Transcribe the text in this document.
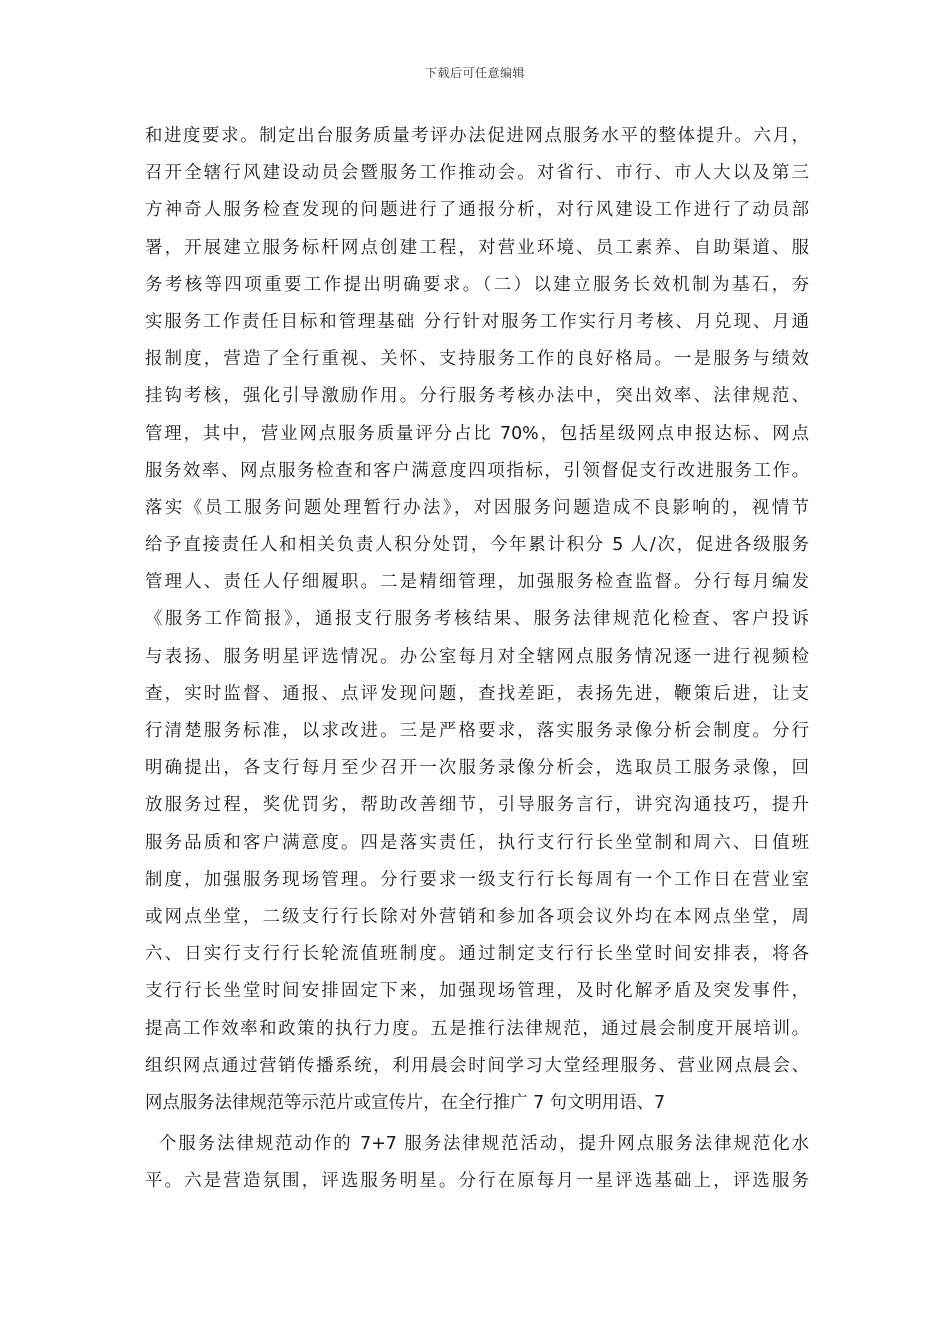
下载后可任意编辑
和进度要求。制定出台服务质量考评办法促进网点服务水平的整体提升。六月，
召开全辖行风建设动员会暨服务工作推动会。对省行、市行、市人大以及第三
方神奇人服务检查发现的问题进行了通报分析，对行风建设工作进行了动员部
署，开展建立服务标杆网点创建工程，对营业环境、员工素养、自助渠道、服
务考核等四项重要工作提出明确要求。（二）以建立服务长效机制为基石，夯
实服务工作责任目标和管理基础 分行针对服务工作实行月考核、月兑现、月通
报制度，营造了全行重视、关怀、支持服务工作的良好格局。一是服务与绩效
挂钩考核，强化引导激励作用。分行服务考核办法中，突出效率、法律规范、
管理，其中，营业网点服务质量评分占比 70%，包括星级网点申报达标、网点
服务效率、网点服务检查和客户满意度四项指标，引领督促支行改进服务工作。
落实《员工服务问题处理暂行办法》，对因服务问题造成不良影响的，视情节
给予直接责任人和相关负责人积分处罚，今年累计积分 5 人/次，促进各级服务
管理人、责任人仔细履职。二是精细管理，加强服务检查监督。分行每月编发
《服务工作简报》，通报支行服务考核结果、服务法律规范化检查、客户投诉
与表扬、服务明星评选情况。办公室每月对全辖网点服务情况逐一进行视频检
查，实时监督、通报、点评发现问题，查找差距，表扬先进，鞭策后进，让支
行清楚服务标准，以求改进。三是严格要求，落实服务录像分析会制度。分行
明确提出，各支行每月至少召开一次服务录像分析会，选取员工服务录像，回
放服务过程，奖优罚劣，帮助改善细节，引导服务言行，讲究沟通技巧，提升
服务品质和客户满意度。四是落实责任，执行支行行长坐堂制和周六、日值班
制度，加强服务现场管理。分行要求一级支行行长每周有一个工作日在营业室
或网点坐堂，二级支行行长除对外营销和参加各项会议外均在本网点坐堂，周
六、日实行支行行长轮流值班制度。通过制定支行行长坐堂时间安排表，将各
支行行长坐堂时间安排固定下来，加强现场管理，及时化解矛盾及突发事件，
提高工作效率和政策的执行力度。五是推行法律规范，通过晨会制度开展培训。
组织网点通过营销传播系统，利用晨会时间学习大堂经理服务、营业网点晨会、
网点服务法律规范等示范片或宣传片，在全行推广 7 句文明用语、7
个服务法律规范动作的 7+7 服务法律规范活动，提升网点服务法律规范化水
平。六是营造氛围，评选服务明星。分行在原每月一星评选基础上，评选服务
